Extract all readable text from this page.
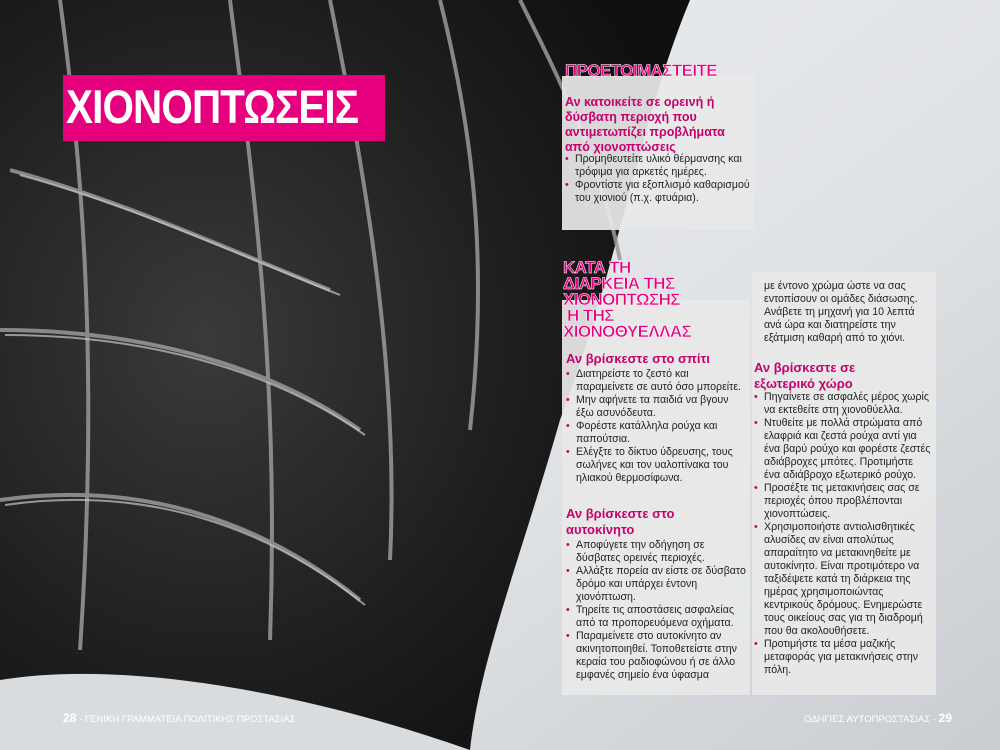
ΧΙΟΝΟΠΤΩΣΕΙΣ
ΠΡΟΕΤΟΙΜΑΣΤΕΙΤΕ
Αν κατοικείτε σε ορεινή ή δύσβατη περιοχή που αντιμετωπίζει προβλήματα από χιονοπτώσεις
• Προμηθευτείτε υλικό θέρμανσης και τρόφιμα για αρκετές ημέρες.
• Φροντίστε για εξοπλισμό καθαρισμού του χιονιού (π.χ. φτυάρια).
ΚΑΤΑ ΤΗ
ΔΙΑΡΚΕΙΑ ΤΗΣ
ΧΙΟΝΟΠΤΩΣΗΣ
Η ΤΗΣ
ΧΙΟΝΟΘΥΕΛΛΑΣ
Αν βρίσκεστε στο σπίτι
• Διατηρείστε το ζεστό και παραμείνετε σε αυτό όσο μπορείτε.
• Μην αφήνετε τα παιδιά να βγουν έξω ασυνόδευτα.
• Φορέστε κατάλληλα ρούχα και παπούτσια.
• Ελέγξτε το δίκτυο ύδρευσης, τους σωλήνες και τον υαλοπίνακα του ηλιακού θερμοσίφωνα.
Αν βρίσκεστε στο αυτοκίνητο
• Αποφύγετε την οδήγηση σε δύσβατες ορεινές περιοχές.
• Αλλάξτε πορεία αν είστε σε δύσβατο δρόμο και υπάρχει έντονη χιονόπτωση.
• Τηρείτε τις αποστάσεις ασφαλείας από τα προπορευόμενα οχήματα.
• Παραμείνετε στο αυτοκίνητο αν ακινητοποιηθεί. Τοποθετείστε στην κεραία του ραδιοφώνου ή σε άλλο εμφανές σημείο ένα ύφασμα
με έντονο χρώμα ώστε να σας εντοπίσουν οι ομάδες διάσωσης. Ανάβετε τη μηχανή για 10 λεπτά ανά ώρα και διατηρείστε την εξάτμιση καθαρή από το χιόνι.
Αν βρίσκεστε σε εξωτερικό χώρο
• Πηγαίνετε σε ασφαλές μέρος χωρίς να εκτεθείτε στη χιονοθύελλα.
• Ντυθείτε με πολλά στρώματα από ελαφριά και ζεστά ρούχα αντί για ένα βαρύ ρούχο και φορέστε ζεστές αδιάβροχες μπότες. Προτιμήστε ένα αδιάβροχο εξωτερικό ρούχο.
• Προσέξτε τις μετακινήσεις σας σε περιοχές όπου προβλέπονται χιονοπτώσεις.
• Χρησιμοποιήστε αντιολισθητικές αλυσίδες αν είναι απολύτως απαραίτητο να μετακινηθείτε με αυτοκίνητο. Είναι προτιμότερο να ταξιδέψετε κατά τη διάρκεια της ημέρας χρησιμοποιώντας κεντρικούς δρόμους. Ενημερώστε τους οικείους σας για τη διαδρομή που θα ακολουθήσετε.
• Προτιμήστε τα μέσα μαζικής μεταφοράς για μετακινήσεις στην πόλη.
28 · ΓΕΝΙΚΗ ΓΡΑΜΜΑΤΕΙΑ ΠΟΛΙΤΙΚΗΣ ΠΡΟΣΤΑΣΙΑΣ	ΟΔΗΓΙΕΣ ΑΥΤΟΠΡΟΣΤΑΣΙΑΣ · 29
